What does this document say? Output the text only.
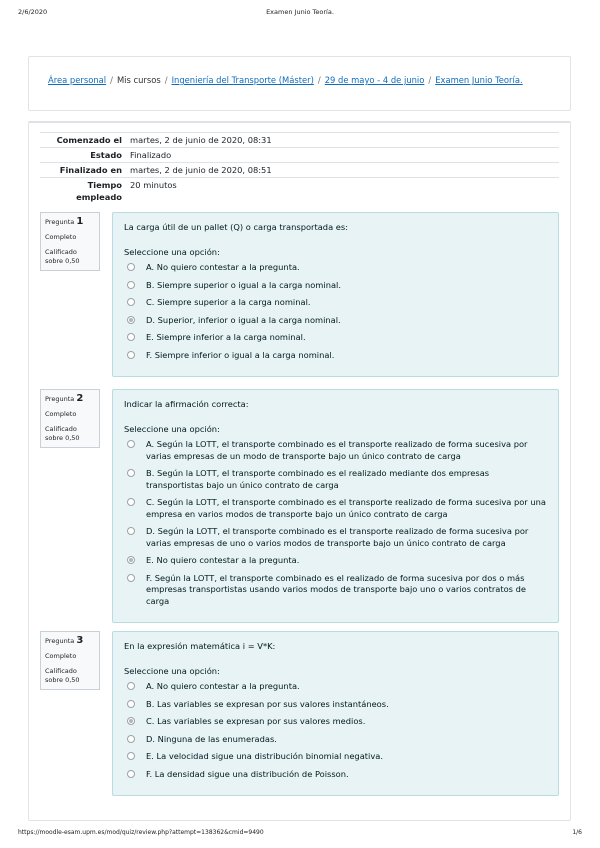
2/6/2020	Examen Junio Teoría.
Área personal / Mis cursos / Ingeniería del Transporte (Máster) / 29 de mayo - 4 de junio / Examen Junio Teoría.
Comenzado el	martes, 2 de junio de 2020, 08:31
Estado	Finalizado
Finalizado en	martes, 2 de junio de 2020, 08:51
Tiempo empleado	20 minutos
Pregunta 1
Completo
Calificado sobre 0,50
La carga útil de un pallet (Q) o carga transportada es:
Seleccione una opción:
A. No quiero contestar a la pregunta.
B. Siempre superior o igual a la carga nominal.
C. Siempre superior a la carga nominal.
D. Superior, inferior o igual a la carga nominal.
E. Siempre inferior a la carga nominal.
F. Siempre inferior o igual a la carga nominal.
Pregunta 2
Completo
Calificado sobre 0,50
Indicar la afirmación correcta:
Seleccione una opción:
A. Según la LOTT, el transporte combinado es el transporte realizado de forma sucesiva por varias empresas de un modo de transporte bajo un único contrato de carga
B. Según la LOTT, el transporte combinado es el realizado mediante dos empresas transportistas bajo un único contrato de carga
C. Según la LOTT, el transporte combinado es el transporte realizado de forma sucesiva por una empresa en varios modos de transporte bajo un único contrato de carga
D. Según la LOTT, el transporte combinado es el transporte realizado de forma sucesiva por varias empresas de uno o varios modos de transporte bajo un único contrato de carga
E. No quiero contestar a la pregunta.
F. Según la LOTT, el transporte combinado es el realizado de forma sucesiva por dos o más empresas transportistas usando varios modos de transporte bajo uno o varios contratos de carga
Pregunta 3
Completo
Calificado sobre 0,50
En la expresión matemática i = V*K:
Seleccione una opción:
A. No quiero contestar a la pregunta.
B. Las variables se expresan por sus valores instantáneos.
C. Las variables se expresan por sus valores medios.
D. Ninguna de las enumeradas.
E. La velocidad sigue una distribución binomial negativa.
F. La densidad sigue una distribución de Poisson.
https://moodle-esam.upm.es/mod/quiz/review.php?attempt=138362&cmid=9490	1/6
